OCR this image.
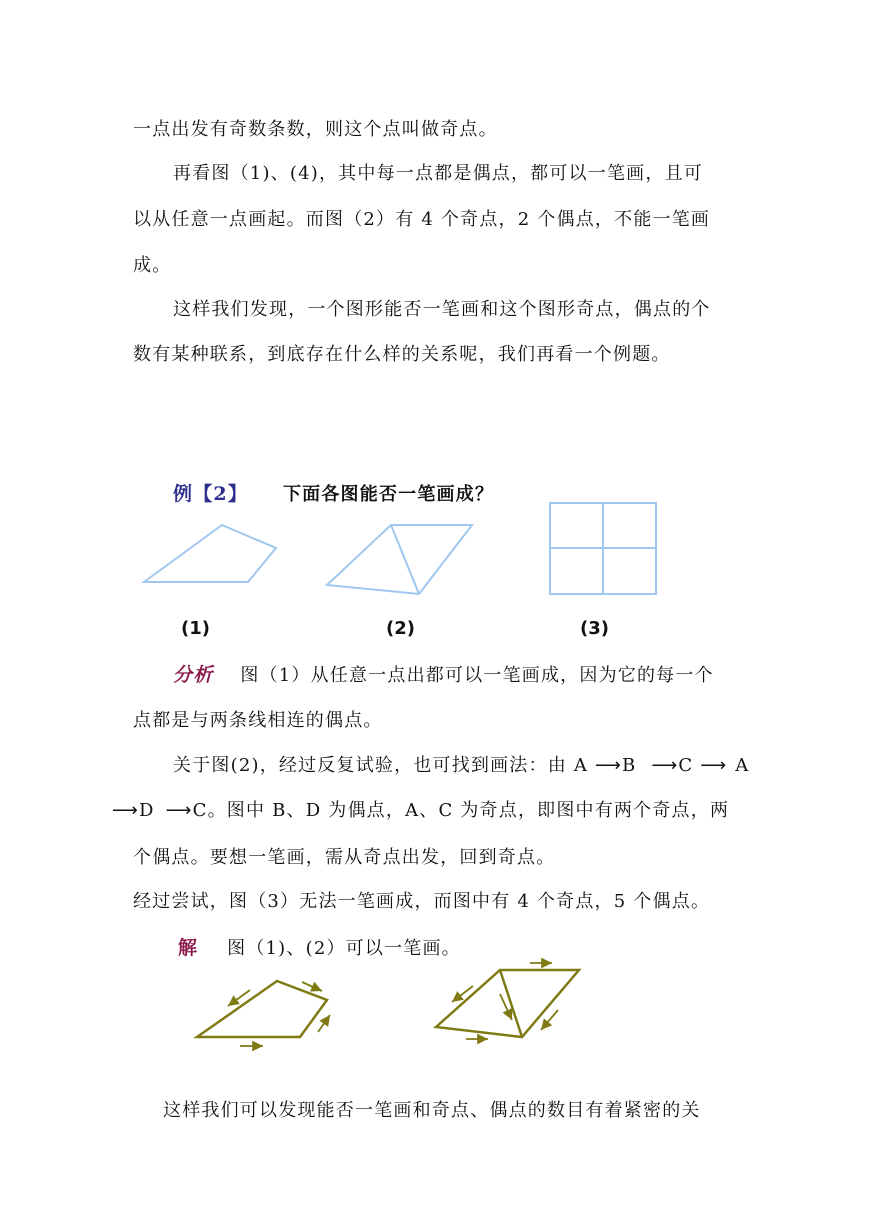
一点出发有奇数条数，则这个点叫做奇点。
再看图（1)、(4)，其中每一点都是偶点，都可以一笔画，且可
以从任意一点画起。而图（2）有 4 个奇点，2 个偶点，不能一笔画
成。
这样我们发现，一个图形能否一笔画和这个图形奇点，偶点的个
数有某种联系，到底存在什么样的关系呢，我们再看一个例题。
例【2】 下面各图能否一笔画成？
(1)	(2)	(3)
分析 图（1）从任意一点出都可以一笔画成，因为它的每一个
点都是与两条线相连的偶点。
关于图(2)，经过反复试验，也可找到画法：由 A ⟶B ⟶C ⟶ A
⟶D ⟶C。图中 B、D 为偶点，A、C 为奇点，即图中有两个奇点，两
个偶点。要想一笔画，需从奇点出发，回到奇点。
经过尝试，图（3）无法一笔画成，而图中有 4 个奇点，5 个偶点。
解 图（1)、(2）可以一笔画。
这样我们可以发现能否一笔画和奇点、偶点的数目有着紧密的关
